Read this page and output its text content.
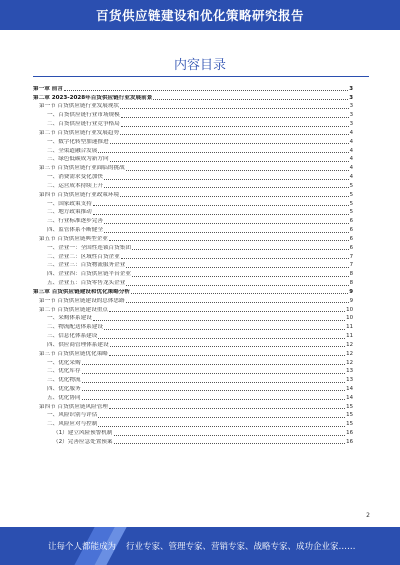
百货供应链建设和优化策略研究报告
内容目录
第一章 前言	3
第二章 2023-2028年百货供应链行业发展前景	3
第一节 百货供应链行业发展现状	3
一、百货供应链行业市场规模	3
二、百货供应链行业竞争格局	3
第二节 百货供应链行业发展趋势	4
一、数字化转型加速推进	4
二、全渠道融合发展	4
三、绿色低碳成为新方向	4
第三节 百货供应链行业面临的挑战	4
一、消费需求变化加快	4
二、运营成本持续上升	5
第四节 百货供应链行业政策环境	5
一、国家政策支持	5
二、地方政策推动	5
三、行业标准逐步完善	6
四、监管体系不断健全	6
第五节 百货供应链典型企业	6
一、企业一：全国性连锁百货集团	6
二、企业二：区域性百货企业	7
三、企业三：百货物流服务企业	7
四、企业四：百货供应链平台企业	8
五、企业五：百货零售龙头企业	8
第三章 百货供应链建设和优化策略分析	9
第一节 百货供应链建设的总体思路	9
第二节 百货供应链建设重点	10
一、采购体系建设	10
二、物流配送体系建设	11
三、信息化体系建设	11
四、供应商管理体系建设	12
第三节 百货供应链优化策略	12
一、优化采购	12
二、优化库存	13
三、优化物流	13
四、优化服务	14
五、优化协同	14
第四节 百货供应链风险管理	15
一、风险识别与评估	15
二、风险应对与控制	15
（1）建立风险预警机制	16
（2）完善应急处置预案	16
2
让每个人都能成为 行业专家、管理专家、营销专家、战略专家、成功企业家……
